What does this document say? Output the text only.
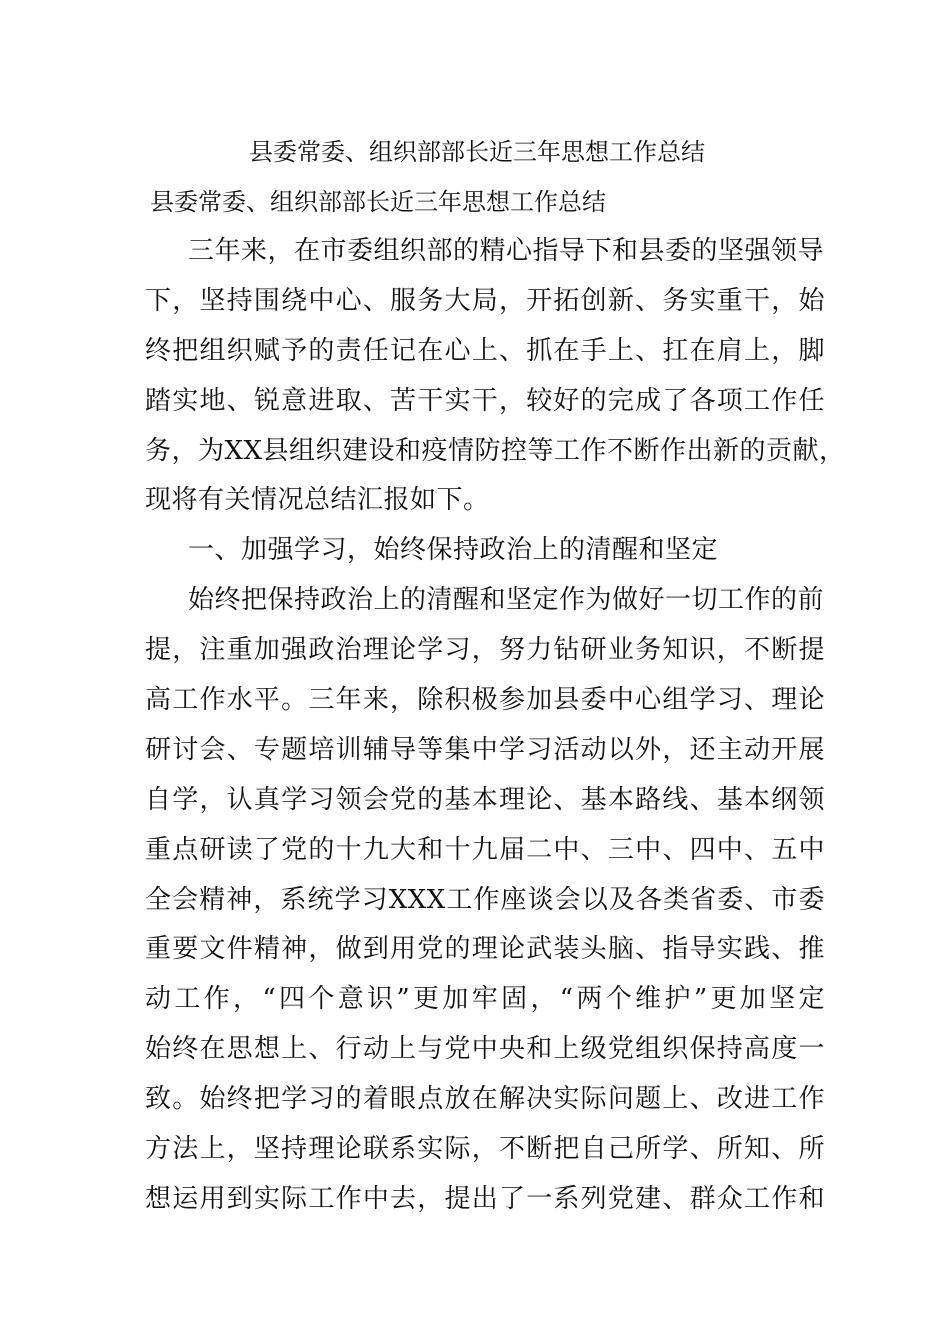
县委常委、组织部部长近三年思想工作总结
县委常委、组织部部长近三年思想工作总结
三年来，在市委组织部的精心指导下和县委的坚强领导
下，坚持围绕中心、服务大局，开拓创新、务实重干，始
终把组织赋予的责任记在心上、抓在手上、扛在肩上，脚
踏实地、锐意进取、苦干实干，较好的完成了各项工作任
务，为XX县组织建设和疫情防控等工作不断作出新的贡献，
现将有关情况总结汇报如下。
一、加强学习，始终保持政治上的清醒和坚定
始终把保持政治上的清醒和坚定作为做好一切工作的前
提，注重加强政治理论学习，努力钻研业务知识，不断提
高工作水平。三年来，除积极参加县委中心组学习、理论
研讨会、专题培训辅导等集中学习活动以外，还主动开展
自学，认真学习领会党的基本理论、基本路线、基本纲领
重点研读了党的十九大和十九届二中、三中、四中、五中
全会精神，系统学习XXX工作座谈会以及各类省委、市委
重要文件精神，做到用党的理论武装头脑、指导实践、推
动工作，“四个意识”更加牢固，“两个维护”更加坚定
始终在思想上、行动上与党中央和上级党组织保持高度一
致。始终把学习的着眼点放在解决实际问题上、改进工作
方法上，坚持理论联系实际，不断把自己所学、所知、所
想运用到实际工作中去，提出了一系列党建、群众工作和
